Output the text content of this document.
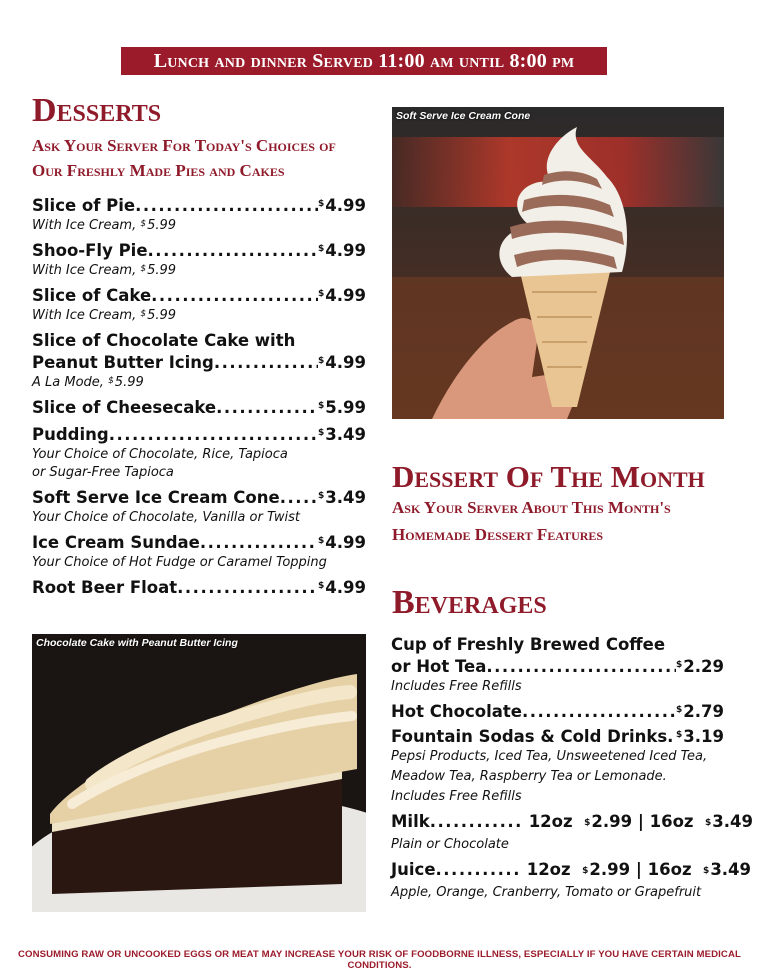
Lunch and dinner Served 11:00 am until 8:00 pm
Desserts
Ask Your Server For Today's Choices of
Our Freshly Made Pies and Cakes
Slice of Pie .....	$4.99
With Ice Cream, $5.99
Shoo-Fly Pie .....	$4.99
With Ice Cream, $5.99
Slice of Cake .....	$4.99
With Ice Cream, $5.99
Slice of Chocolate Cake with
Peanut Butter Icing .....	$4.99
A La Mode, $5.99
Slice of Cheesecake .....	$5.99
Pudding .....	$3.49
Your Choice of Chocolate, Rice, Tapioca
or Sugar-Free Tapioca
Soft Serve Ice Cream Cone .....	$3.49
Your Choice of Chocolate, Vanilla or Twist
Ice Cream Sundae .....	$4.99
Your Choice of Hot Fudge or Caramel Topping
Root Beer Float .....	$4.99
Soft Serve Ice Cream Cone
Dessert Of The Month
Ask Your Server About This Month's
Homemade Dessert Features
Beverages
Cup of Freshly Brewed Coffee
or Hot Tea .....	$2.29
Includes Free Refills
Hot Chocolate .....	$2.79
Fountain Sodas & Cold Drinks ..... $3.19
Pepsi Products, Iced Tea, Unsweetened Iced Tea,
Meadow Tea, Raspberry Tea or Lemonade.
Includes Free Refills
Milk ............
12oz
$ 2.99
|
16oz
$ 3.49
Plain or Chocolate
Juice ...........
12oz
$ 2.99
|
16oz
$ 3.49
Apple, Orange, Cranberry, Tomato or Grapefruit
Chocolate Cake with Peanut Butter Icing
CONSUMING RAW OR UNCOOKED EGGS OR MEAT MAY INCREASE YOUR RISK OF FOODBORNE ILLNESS, ESPECIALLY IF YOU HAVE CERTAIN MEDICAL CONDITIONS.
